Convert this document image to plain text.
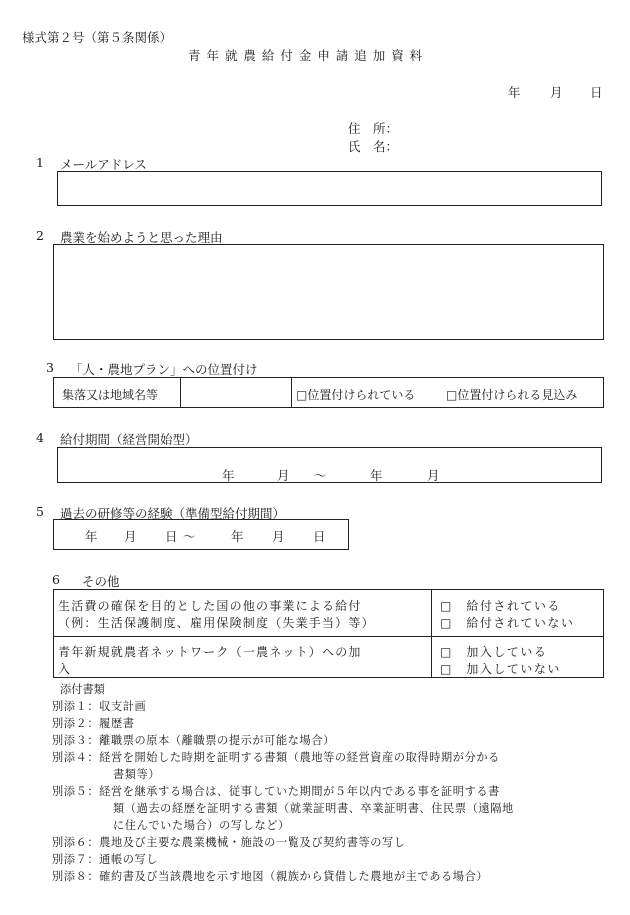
様式第２号（第５条関係）
青 年 就 農 給 付 金 申 請 追 加 資 料
年 月 日
住　所：
氏　名：
1 メールアドレス
2 農業を始めようと思った理由
3 「人・農地プラン」への位置付け
集落又は地域名等	□位置付けられている	□位置付けられる見込み
4 給付期間（経営開始型）
年	月 ～	年	月
5 過去の研修等の経験（準備型給付期間）
年 月 日 ～	年 月 日
6 その他
生活費の確保を目的とした国の他の事業による給付
（例：生活保護制度、雇用保険制度（失業手当）等）
□　給付されている
□　給付されていない
青年新規就農者ネットワーク（一農ネット）への加
入
□　加入している
□　加入していない
添付書類
別添１：収支計画
別添２：履歴書
別添３：離職票の原本（離職票の提示が可能な場合）
別添４：経営を開始した時期を証明する書類（農地等の経営資産の取得時期が分かる
書類等）
別添５：経営を継承する場合は、従事していた期間が５年以内である事を証明する書
類（過去の経歴を証明する書類（就業証明書、卒業証明書、住民票（遠隔地
に住んでいた場合）の写しなど）
別添６：農地及び主要な農業機械・施設の一覧及び契約書等の写し
別添７：通帳の写し
別添８：確約書及び当該農地を示す地図（親族から貸借した農地が主である場合）
